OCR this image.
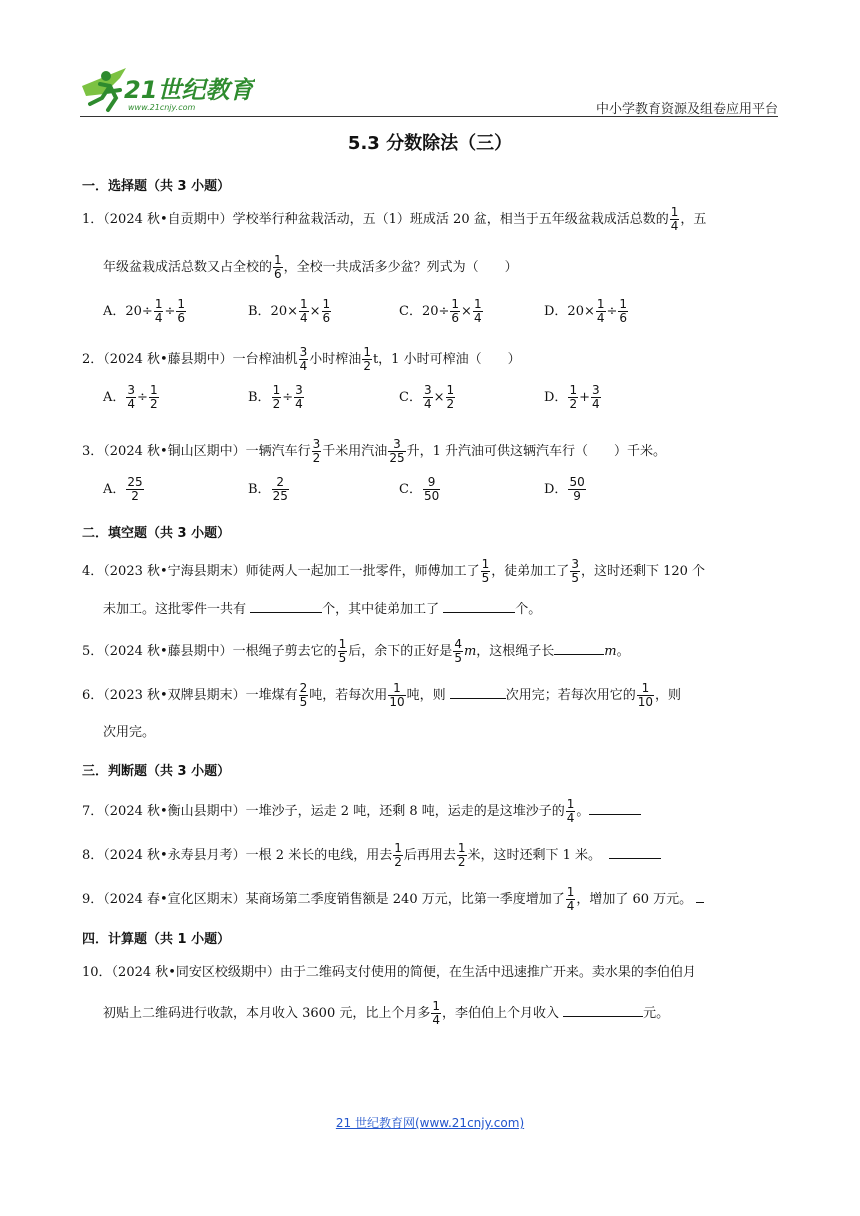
21世纪教育
www.21cnjy.com	中小学教育资源及组卷应用平台
5.3 分数除法（三）
一．选择题（共 3 小题）
1．（2024 秋•自贡期中）学校举行种盆栽活动，五（1）班成活 20 盆，相当于五年级盆栽成活总数的 $\frac{1}{4}$ ，五
年级盆栽成活总数又占全校的 $\frac{1}{6}$ ，全校一共成活多少盆？列式为（　　）
A．$20\div \frac{1}{4} \div \frac{1}{6}$	B．$20\times \frac{1}{4} \times \frac{1}{6}$	C．$20\div \frac{1}{6} \times \frac{1}{4}$	D．$20\times \frac{1}{4} \div \frac{1}{6}$
2．（2024 秋•藤县期中）一台榨油机 $\frac{3}{4}$ 小时榨油 $\frac{1}{2}$ t，1 小时可榨油（　　）
A． $\frac{3}{4} \div \frac{1}{2}$	B． $\frac{1}{2} \div \frac{3}{4}$	C． $\frac{3}{4} \times \frac{1}{2}$	D． $\frac{1}{2} + \frac{3}{4}$
3．（2024 秋•铜山区期中）一辆汽车行 $\frac{3}{2}$ 千米用汽油 $\frac{3}{25}$ 升，1 升汽油可供这辆汽车行（　　）千米。
A． $\frac{25}{2}$	B． $\frac{2}{25}$	C． $\frac{9}{50}$	D． $\frac{50}{9}$
二．填空题（共 3 小题）
4．（2023 秋•宁海县期末）师徒两人一起加工一批零件，师傅加工了 $\frac{1}{5}$ ，徒弟加工了 $\frac{3}{5}$ ，这时还剩下 120 个
未加工。这批零件一共有	个，其中徒弟加工了	个。
5．（2024 秋•藤县期中）一根绳子剪去它的 $\frac{1}{5}$ 后，余下的正好是 $\frac{4}{5}$ m，这根绳子长	m。
6．（2023 秋•双牌县期末）一堆煤有 $\frac{2}{5}$ 吨，若每次用 $\frac{1}{10}$ 吨，则	次用完；若每次用它的 $\frac{1}{10}$ ，则
次用完。
三．判断题（共 3 小题）
7．（2024 秋•衡山县期中）一堆沙子，运走 2 吨，还剩 8 吨，运走的是这堆沙子的 $\frac{1}{4}$ 。
8．（2024 秋•永寿县月考）一根 2 米长的电线，用去 $\frac{1}{2}$ 后再用去 $\frac{1}{2}$ 米，这时还剩下 1 米。
9．（2024 春•宣化区期末）某商场第二季度销售额是 240 万元，比第一季度增加了 $\frac{1}{4}$ ，增加了 60 万元。
四．计算题（共 1 小题）
10．（2024 秋•同安区校级期中）由于二维码支付使用的简便，在生活中迅速推广开来。卖水果的李伯伯月
初贴上二维码进行收款，本月收入 3600 元，比上个月多 $\frac{1}{4}$ ，李伯伯上个月收入	元。
21 世纪教育网(www.21cnjy.com)
